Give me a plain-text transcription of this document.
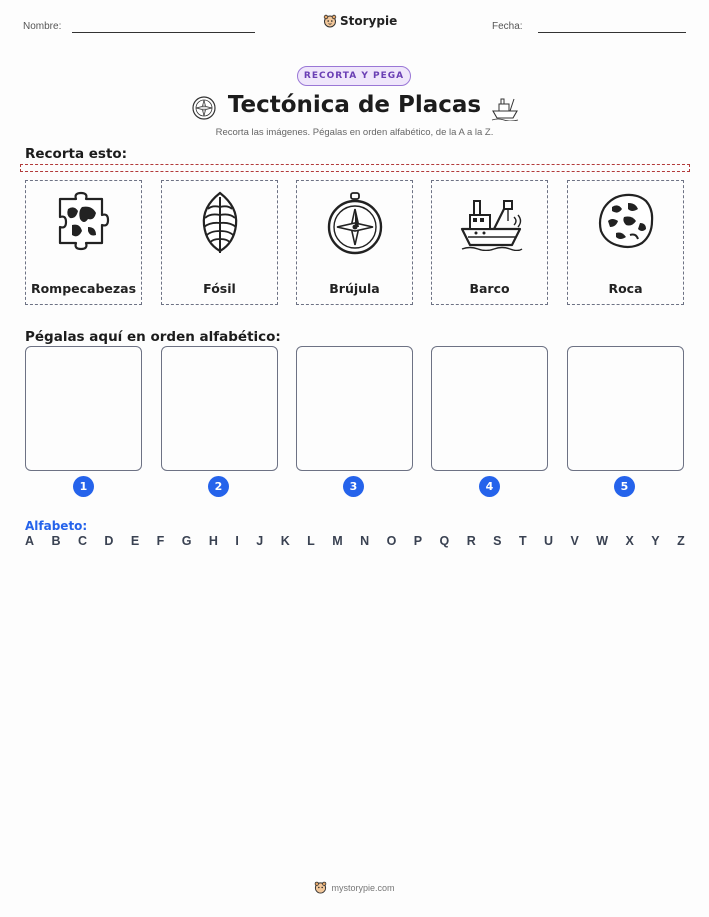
Nombre:	Storypie	Fecha:
RECORTA Y PEGA
Tectónica de Placas
Recorta las imágenes. Pégalas en orden alfabético, de la A a la Z.
Recorta esto:
Rompecabezas	Fósil	Brújula	Barco	Roca
Pégalas aquí en orden alfabético:
1	2	3	4	5
Alfabeto:
A B C D E F G H I J K L M N O P Q R S T U V W X Y Z
mystorypie.com
